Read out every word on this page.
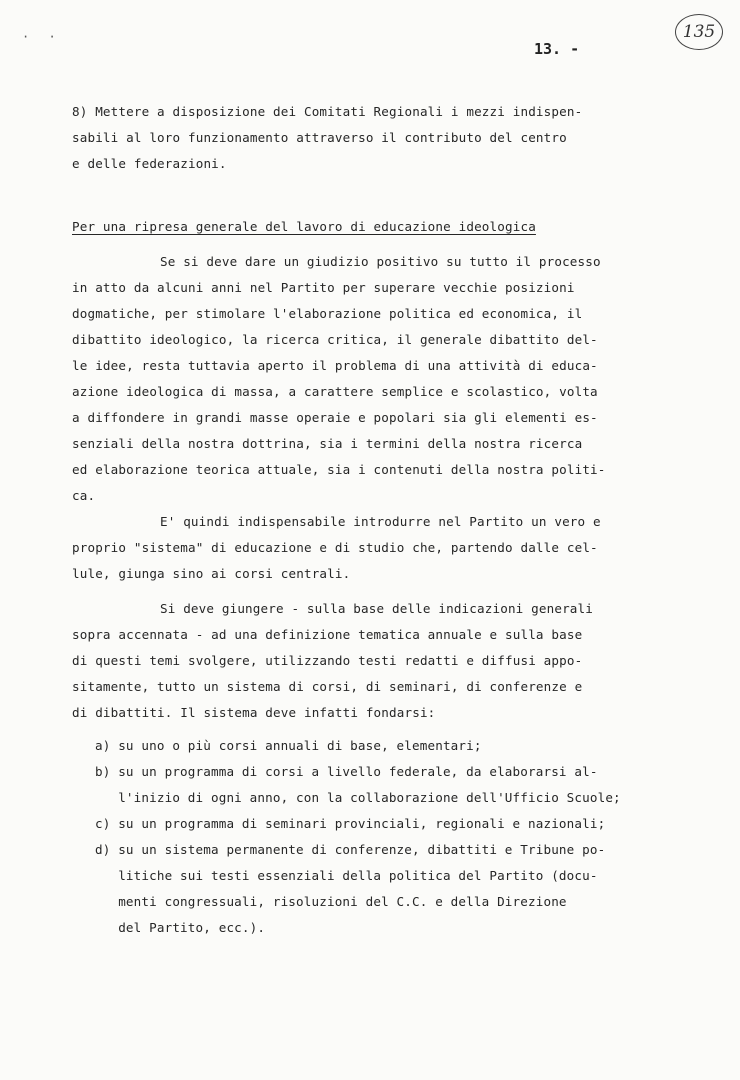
· ·
13. -
135
8) Mettere a disposizione dei Comitati Regionali i mezzi indispen-
sabili al loro funzionamento attraverso il contributo del centro
e delle federazioni.
Per una ripresa generale del lavoro di educazione ideologica
Se si deve dare un giudizio positivo su tutto il processo
in atto da alcuni anni nel Partito per superare vecchie posizioni
dogmatiche, per stimolare l'elaborazione politica ed economica, il
dibattito ideologico, la ricerca critica, il generale dibattito del-
le idee, resta tuttavia aperto il problema di una attività di educa-
azione ideologica di massa, a carattere semplice e scolastico, volta
a diffondere in grandi masse operaie e popolari sia gli elementi es-
senziali della nostra dottrina, sia i termini della nostra ricerca
ed elaborazione teorica attuale, sia i contenuti della nostra politi-
ca.
E' quindi indispensabile introdurre nel Partito un vero e
proprio "sistema" di educazione e di studio che, partendo dalle cel-
lule, giunga sino ai corsi centrali.
Si deve giungere - sulla base delle indicazioni generali
sopra accennata - ad una definizione tematica annuale e sulla base
di questi temi svolgere, utilizzando testi redatti e diffusi appo-
sitamente, tutto un sistema di corsi, di seminari, di conferenze e
di dibattiti. Il sistema deve infatti fondarsi:
a) su uno o più corsi annuali di base, elementari;
b) su un programma di corsi a livello federale, da elaborarsi al-
l'inizio di ogni anno, con la collaborazione dell'Ufficio Scuole;
c) su un programma di seminari provinciali, regionali e nazionali;
d) su un sistema permanente di conferenze, dibattiti e Tribune po-
litiche sui testi essenziali della politica del Partito (docu-
menti congressuali, risoluzioni del C.C. e della Direzione
del Partito, ecc.).
